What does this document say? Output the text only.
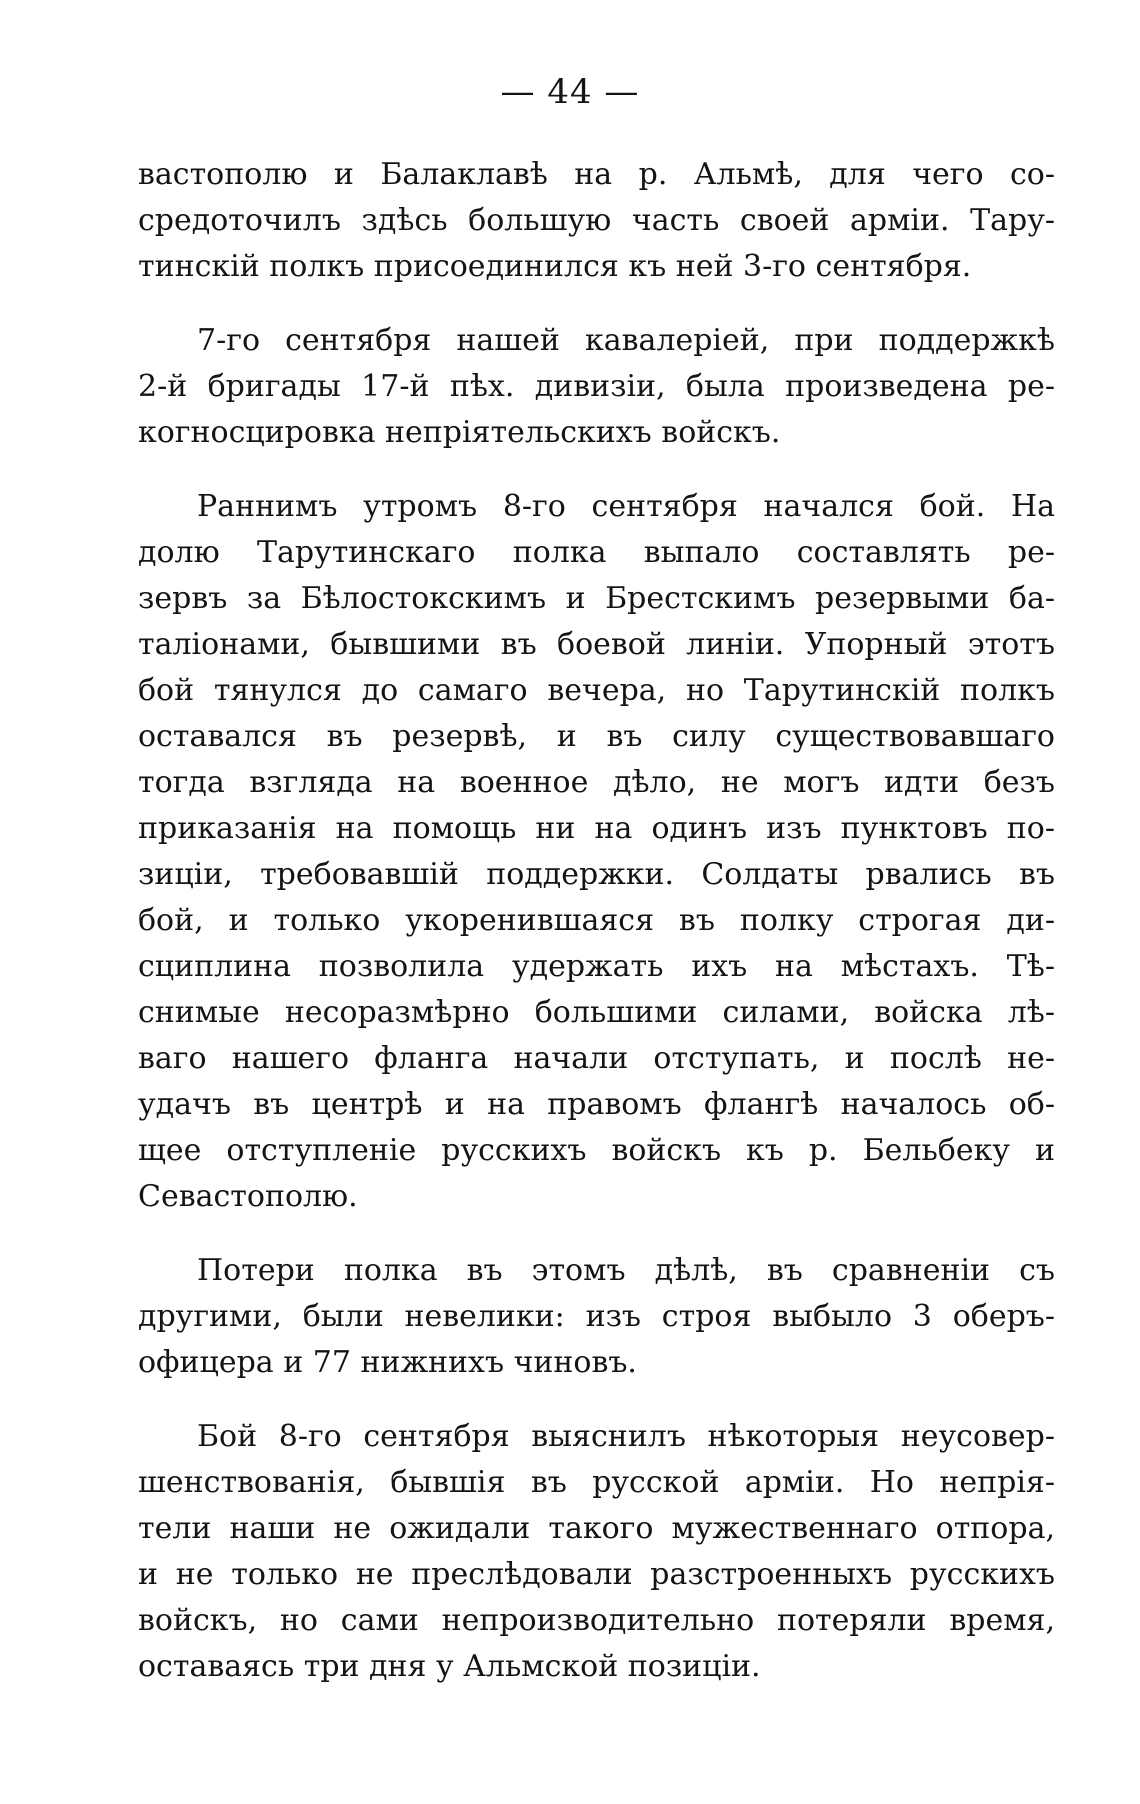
— 44 —
вастополю и Балаклавѣ на р. Альмѣ, для чего со-
средоточилъ здѣсь большую часть своей арміи. Тару-
тинскій полкъ присоединился къ ней 3-го сентября.
7-го сентября нашей кавалеріей, при поддержкѣ
2-й бригады 17-й пѣх. дивизіи, была произведена ре-
когносцировка непріятельскихъ войскъ.
Раннимъ утромъ 8-го сентября начался бой. На
долю Тарутинскаго полка выпало составлять ре-
зервъ за Бѣлостокскимъ и Брестскимъ резервыми ба-
таліонами, бывшими въ боевой линіи. Упорный этотъ
бой тянулся до самаго вечера, но Тарутинскій полкъ
оставался въ резервѣ, и въ силу существовавшаго
тогда взгляда на военное дѣло, не могъ идти безъ
приказанія на помощь ни на одинъ изъ пунктовъ по-
зиціи, требовавшій поддержки. Солдаты рвались въ
бой, и только укоренившаяся въ полку строгая ди-
сциплина позволила удержать ихъ на мѣстахъ. Тѣ-
снимые несоразмѣрно большими силами, войска лѣ-
ваго нашего фланга начали отступать, и послѣ не-
удачъ въ центрѣ и на правомъ флангѣ началось об-
щее отступленіе русскихъ войскъ къ р. Бельбеку и
Севастополю.
Потери полка въ этомъ дѣлѣ, въ сравненіи съ
другими, были невелики: изъ строя выбыло 3 оберъ-
офицера и 77 нижнихъ чиновъ.
Бой 8-го сентября выяснилъ нѣкоторыя неусовер-
шенствованія, бывшія въ русской арміи. Но непрія-
тели наши не ожидали такого мужественнаго отпора,
и не только не преслѣдовали разстроенныхъ русскихъ
войскъ, но сами непроизводительно потеряли время,
оставаясь три дня у Альмской позиціи.
